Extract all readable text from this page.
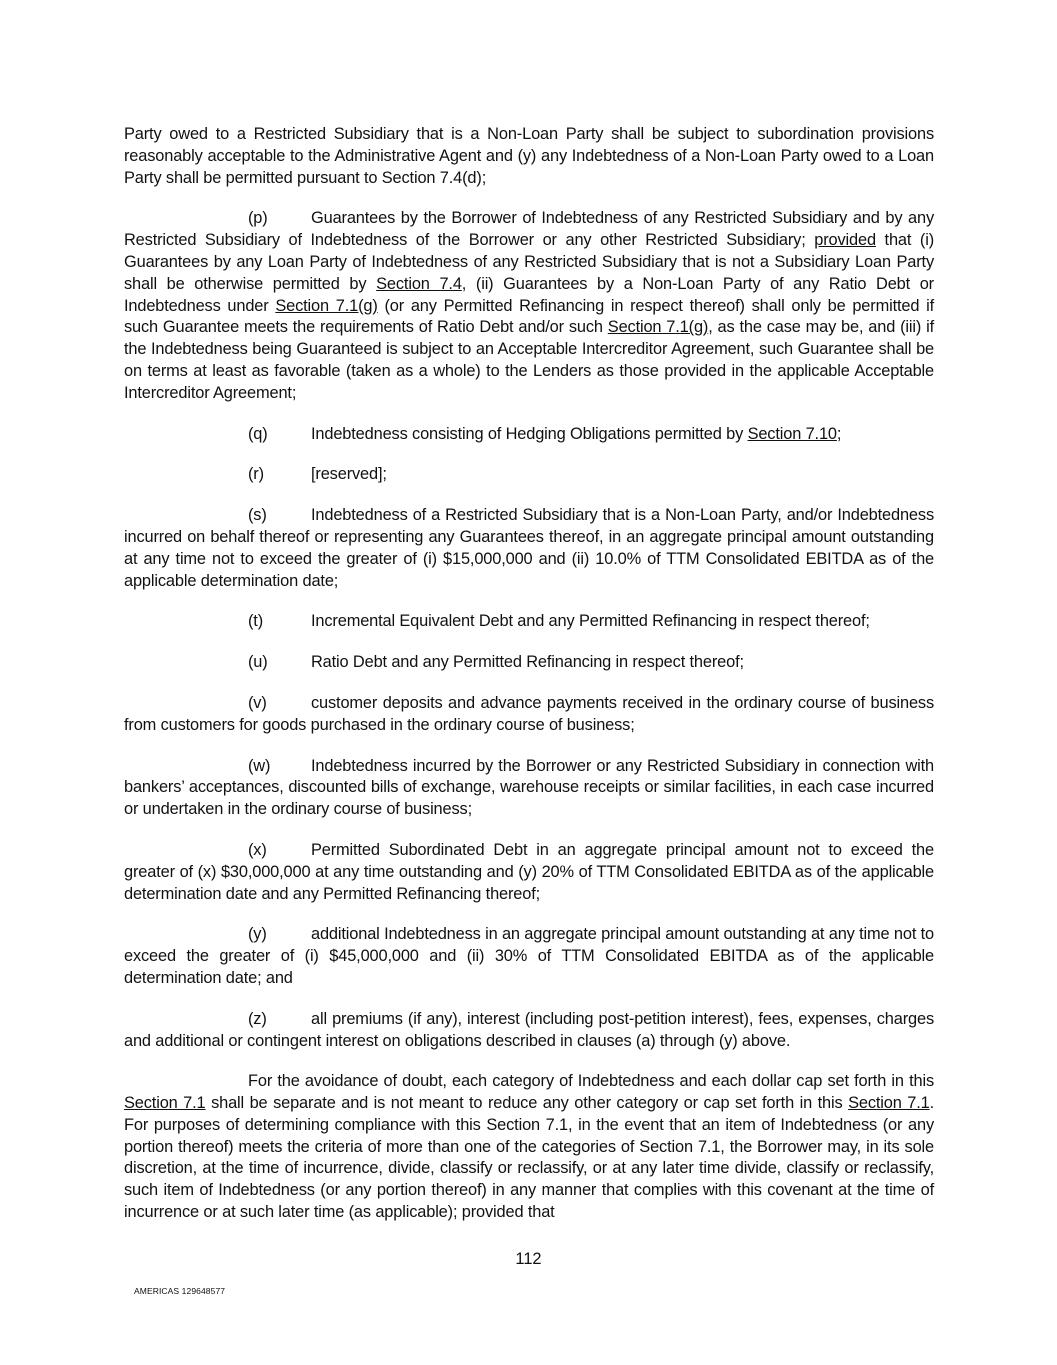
Party owed to a Restricted Subsidiary that is a Non-Loan Party shall be subject to subordination provisions reasonably acceptable to the Administrative Agent and (y) any Indebtedness of a Non-Loan Party owed to a Loan Party shall be permitted pursuant to Section 7.4(d);

(p)	Guarantees by the Borrower of Indebtedness of any Restricted Subsidiary and by any Restricted Subsidiary of Indebtedness of the Borrower or any other Restricted Subsidiary; provided that (i) Guarantees by any Loan Party of Indebtedness of any Restricted Subsidiary that is not a Subsidiary Loan Party shall be otherwise permitted by Section 7.4, (ii) Guarantees by a Non-Loan Party of any Ratio Debt or Indebtedness under Section 7.1(g) (or any Permitted Refinancing in respect thereof) shall only be permitted if such Guarantee meets the requirements of Ratio Debt and/or such Section 7.1(g), as the case may be, and (iii) if the Indebtedness being Guaranteed is subject to an Acceptable Intercreditor Agreement, such Guarantee shall be on terms at least as favorable (taken as a whole) to the Lenders as those provided in the applicable Acceptable Intercreditor Agreement;

(q)	Indebtedness consisting of Hedging Obligations permitted by Section 7.10;

(r)	[reserved];

(s)	Indebtedness of a Restricted Subsidiary that is a Non-Loan Party, and/or Indebtedness incurred on behalf thereof or representing any Guarantees thereof, in an aggregate principal amount outstanding at any time not to exceed the greater of (i) $15,000,000 and (ii) 10.0% of TTM Consolidated EBITDA as of the applicable determination date;

(t)	Incremental Equivalent Debt and any Permitted Refinancing in respect thereof;

(u)	Ratio Debt and any Permitted Refinancing in respect thereof;

(v)	customer deposits and advance payments received in the ordinary course of business from customers for goods purchased in the ordinary course of business;

(w) Indebtedness incurred by the Borrower or any Restricted Subsidiary in connection with bankers’ acceptances, discounted bills of exchange, warehouse receipts or similar facilities, in each case incurred or undertaken in the ordinary course of business;

(x)	Permitted Subordinated Debt in an aggregate principal amount not to exceed the greater of (x) $30,000,000 at any time outstanding and (y) 20% of TTM Consolidated EBITDA as of the applicable determination date and any Permitted Refinancing thereof;

(y)	additional Indebtedness in an aggregate principal amount outstanding at any time not to exceed the greater of (i) $45,000,000 and (ii) 30% of TTM Consolidated EBITDA as of the applicable determination date; and

(z)	all premiums (if any), interest (including post-petition interest), fees, expenses, charges and additional or contingent interest on obligations described in clauses (a) through (y) above.

For the avoidance of doubt, each category of Indebtedness and each dollar cap set forth in this Section 7.1 shall be separate and is not meant to reduce any other category or cap set forth in this Section 7.1. For purposes of determining compliance with this Section 7.1, in the event that an item of Indebtedness (or any portion thereof) meets the criteria of more than one of the categories of Section 7.1, the Borrower may, in its sole discretion, at the time of incurrence, divide, classify or reclassify, or at any later time divide, classify or reclassify, such item of Indebtedness (or any portion thereof) in any manner that complies with this covenant at the time of incurrence or at such later time (as applicable); provided that

112
AMERICAS 129648577
